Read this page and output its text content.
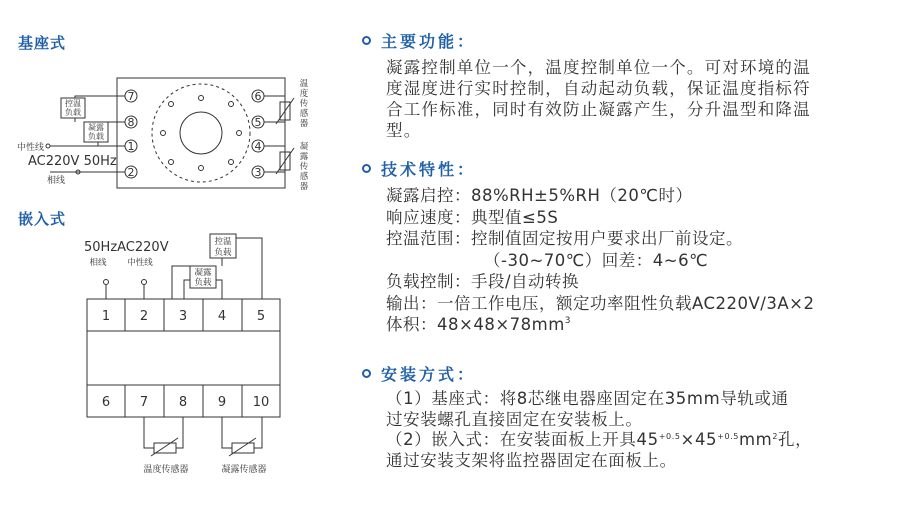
基座式
嵌入式
7
8
1
2
6
5
4
3
控温
负载
凝露
负载
中性线
相线
AC220V 50Hz
温
度
传
感
器
凝
露
传
感
器
50HzAC220V
相线 中性线
控温
负载
凝露
负载
1 2 3 4 5
6 7 8 9 10
温度传感器	凝露传感器
主要功能：
凝露控制单位一个，温度控制单位一个。可对环境的温
度湿度进行实时控制，自动起动负载，保证温度指标符
合工作标准，同时有效防止凝露产生，分升温型和降温
型。
技术特性：
凝露启控： 88%RH±5%RH（20℃时）
响应速度： 典型值≤5S
控温范围： 控制值固定按用户要求出厂前设定。
（-30~70℃）回差：4~6℃
负载控制： 手段/自动转换
输出： 一倍工作电压，额定功率阻性负载AC220V/3A×2
体积： $48\times 48\times 78mm^3$
安装方式：
（1）基座式：将8芯继电器座固定在35mm导轨或通
过安装螺孔直接固定在安装板上。
（2）嵌入式：在安装面板上开具$45^{+0.5}\times 45^{+0.5}mm^2$孔，
通过安装支架将监控器固定在面板上。
